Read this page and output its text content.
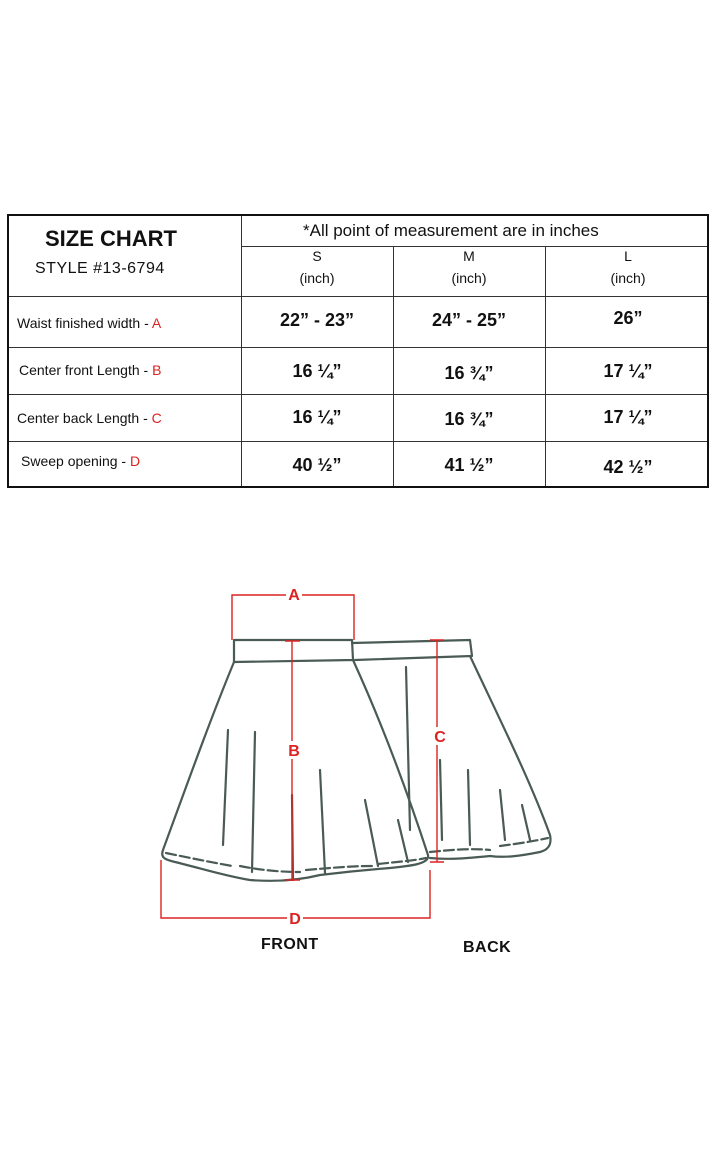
SIZE CHART
STYLE #13-6794
*All point of measurement are in inches
S
(inch)
M
(inch)
L
(inch)
Waist finished width - A	22” - 23”	24” - 25”	26”
Center front Length - B	16 ¼”	16 ¾”	17 ¼”
Center back Length - C	16 ¼”	16 ¾”	17 ¼”
Sweep opening - D	40 ½”	41 ½”	42 ½”
A
B
C
D
FRONT	BACK
